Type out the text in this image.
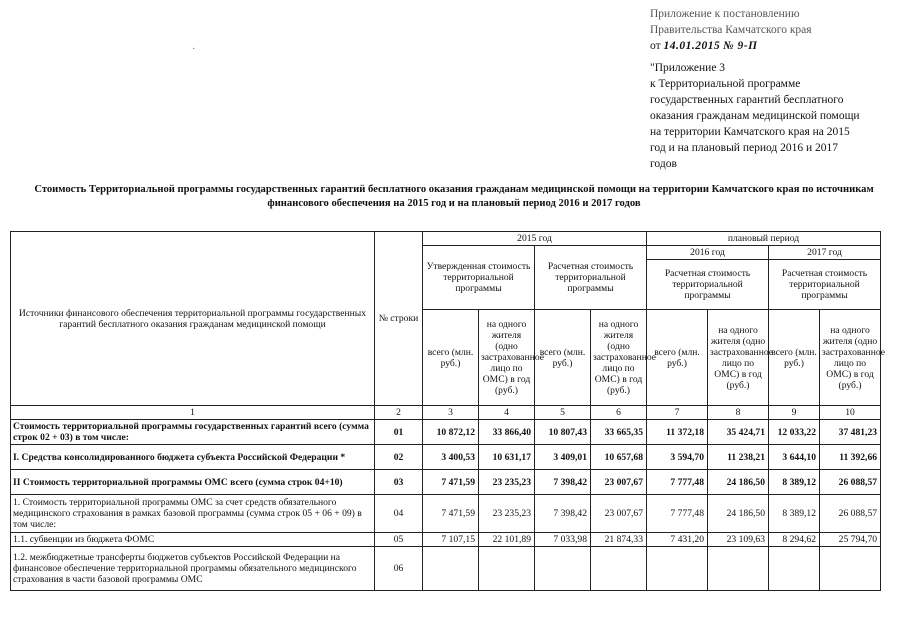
Приложение к постановлению
Правительства Камчатского края
от 14.01.2015 № 9-П
"Приложение 3
к Территориальной программе
государственных гарантий бесплатного
оказания гражданам медицинской помощи
на территории Камчатского края на 2015
год и на плановый период 2016 и 2017
годов
·
Стоимость Территориальной программы государственных гарантий бесплатного оказания гражданам медицинской помощи на территории Камчатского края по источникам
финансового обеспечения на 2015 год и на плановый период 2016 и 2017 годов
Источники финансового обеспечения территориальной программы государственных гарантий бесплатного оказания гражданам медицинской помощи	№ строки	2015 год				плановый период			
		Утвержденная стоимость территориальной программы		Расчетная стоимость территориальной программы		2016 год		2017 год	
						Расчетная стоимость территориальной программы		Расчетная стоимость территориальной программы	
		всего (млн. руб.)	на одного жителя (одно застрахованное лицо по ОМС) в год (руб.)	всего (млн. руб.)	на одного жителя (одно застрахованное лицо по ОМС) в год (руб.)	всего (млн. руб.)	на одного жителя (одно застрахованное лицо по ОМС) в год (руб.)	всего (млн. руб.)	на одного жителя (одно застрахованное лицо по ОМС) в год (руб.)
1	2	3	4	5	6	7	8	9	10
Стоимость территориальной программы государственных гарантий всего (сумма строк 02 + 03) в том числе:	01	10 872,12	33 866,40	10 807,43	33 665,35	11 372,18	35 424,71	12 033,22	37 481,23
I. Средства консолидированного бюджета субъекта Российской Федерации *	02	3 400,53	10 631,17	3 409,01	10 657,68	3 594,70	11 238,21	3 644,10	11 392,66
II Стоимость территориальной программы ОМС всего (сумма строк 04+10)	03	7 471,59	23 235,23	7 398,42	23 007,67	7 777,48	24 186,50	8 389,12	26 088,57
1. Стоимость территориальной программы ОМС за счет средств обязательного медицинского страхования в рамках базовой программы (сумма строк 05 + 06 + 09) в том числе:	04	7 471,59	23 235,23	7 398,42	23 007,67	7 777,48	24 186,50	8 389,12	26 088,57
1.1. субвенции из бюджета ФОМС	05	7 107,15	22 101,89	7 033,98	21 874,33	7 431,20	23 109,63	8 294,62	25 794,70
1.2. межбюджетные трансферты бюджетов субъектов Российской Федерации на финансовое обеспечение территориальной программы обязательного медицинского страхования в части базовой программы ОМС	06								
